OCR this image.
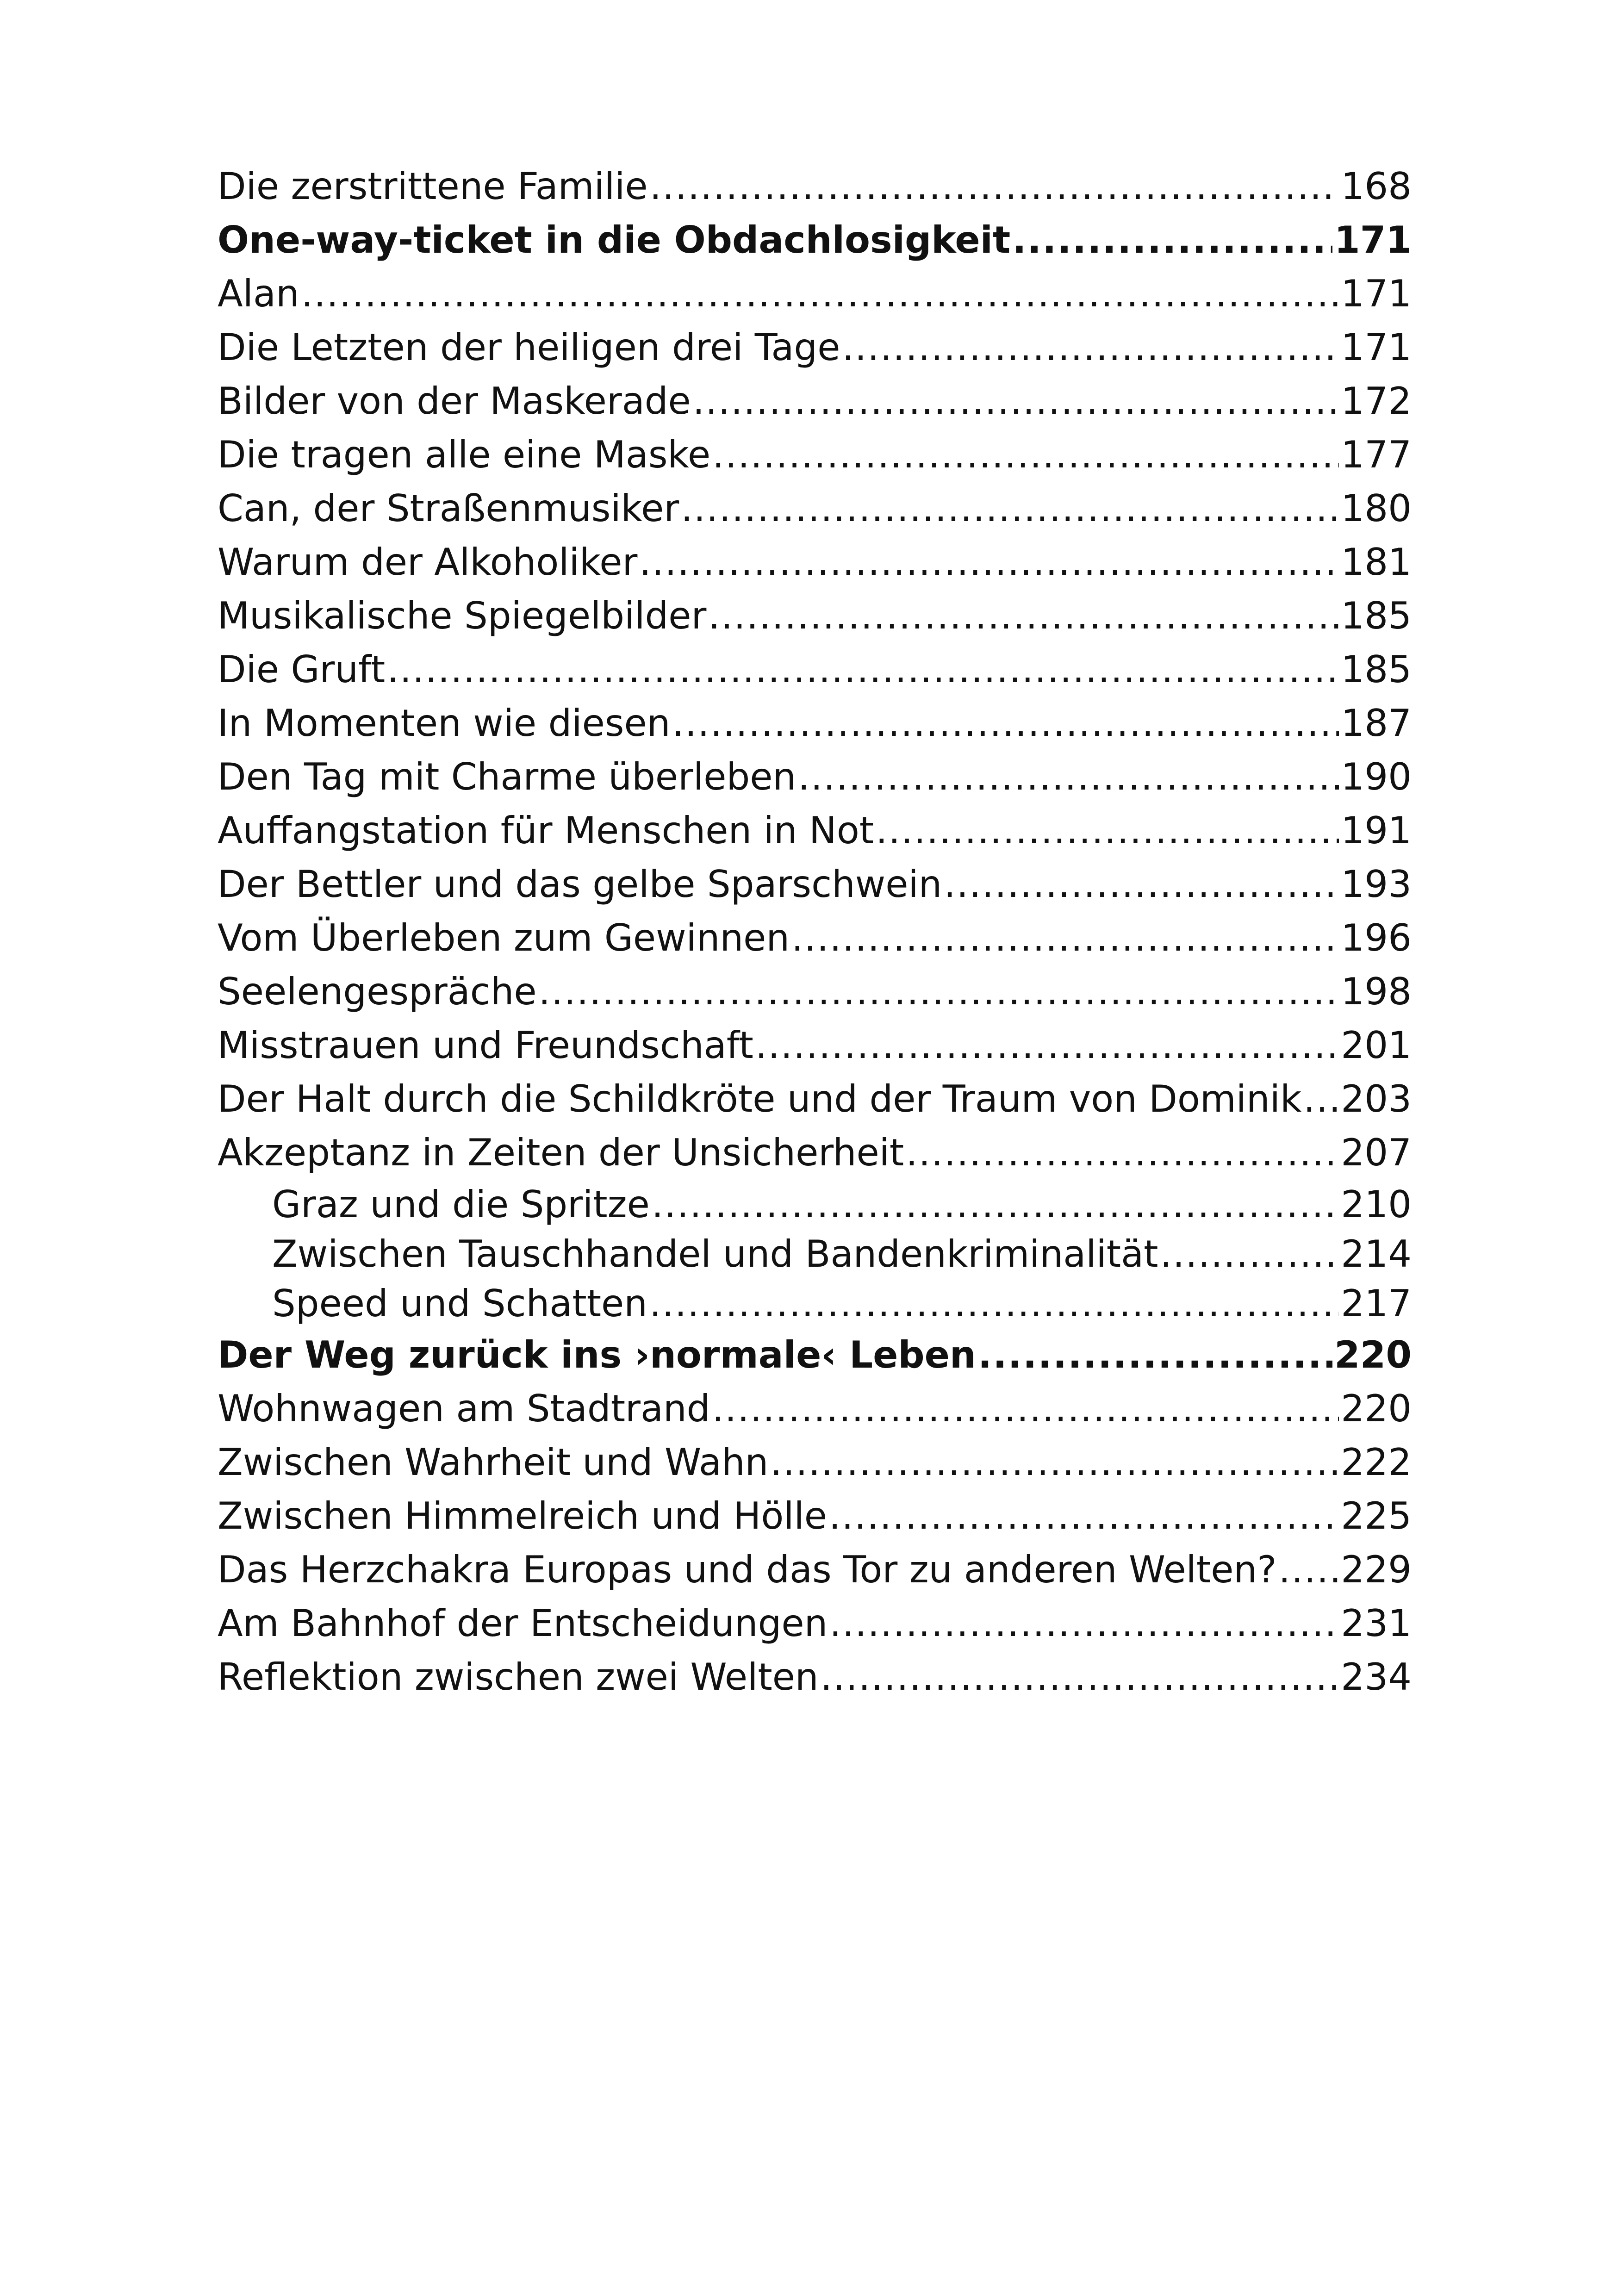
Die zerstrittene Familie .....	168
One-way-ticket in die Obdachlosigkeit .....	171
Alan .....	171
Die Letzten der heiligen drei Tage .....	171
Bilder von der Maskerade .....	172
Die tragen alle eine Maske .....	177
Can, der Straßenmusiker .....	180
Warum der Alkoholiker .....	181
Musikalische Spiegelbilder .....	185
Die Gruft .....	185
In Momenten wie diesen .....	187
Den Tag mit Charme überleben .....	190
Auffangstation für Menschen in Not .....	191
Der Bettler und das gelbe Sparschwein .....	193
Vom Überleben zum Gewinnen .....	196
Seelengespräche .....	198
Misstrauen und Freundschaft .....	201
Der Halt durch die Schildkröte und der Traum von Dominik ..... 203
Akzeptanz in Zeiten der Unsicherheit .....	207
Graz und die Spritze .....	210
Zwischen Tauschhandel und Bandenkriminalität .....	214
Speed und Schatten .....	217
Der Weg zurück ins ›normale‹ Leben .....	220
Wohnwagen am Stadtrand .....	220
Zwischen Wahrheit und Wahn .....	222
Zwischen Himmelreich und Hölle .....	225
Das Herzchakra Europas und das Tor zu anderen Welten? ..... 229
Am Bahnhof der Entscheidungen .....	231
Reflektion zwischen zwei Welten .....	234
